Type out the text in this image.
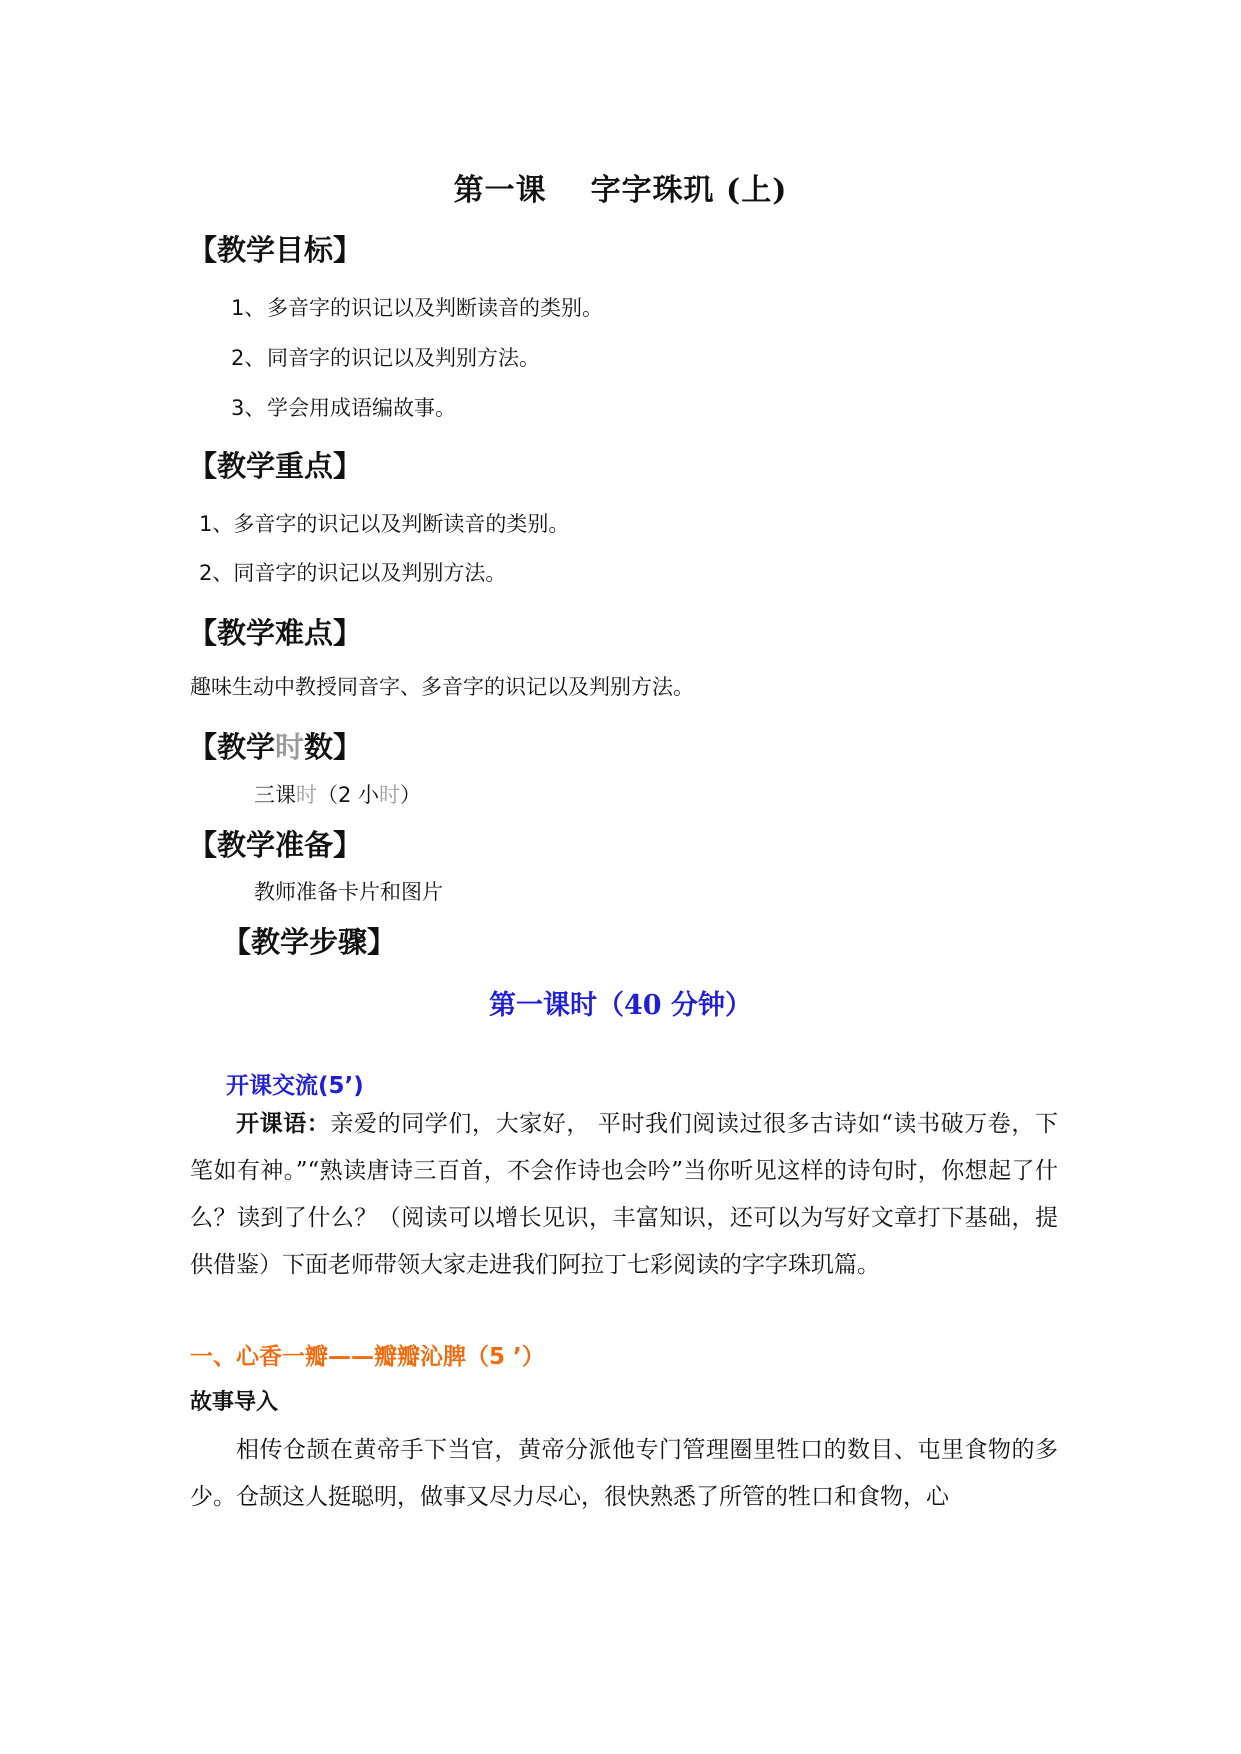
第一课 字字珠玑 (上)
【教学目标】
1、多音字的识记以及判断读音的类别。
2、同音字的识记以及判别方法。
3、学会用成语编故事。
【教学重点】
1、多音字的识记以及判断读音的类别。
2、同音字的识记以及判别方法。
【教学难点】
趣味生动中教授同音字、多音字的识记以及判别方法。
【教学时数】
三课时（2 小时）
【教学准备】
教师准备卡片和图片
【教学步骤】
第一课时（40 分钟）
开课交流(5’)
开课语：亲爱的同学们，大家好， 平时我们阅读过很多古诗如“读书破万卷，下笔如有神。”“熟读唐诗三百首，不会作诗也会吟”当你听见这样的诗句时，你想起了什么？读到了什么？（阅读可以增长见识，丰富知识，还可以为写好文章打下基础，提供借鉴）下面老师带领大家走进我们阿拉丁七彩阅读的字字珠玑篇。
一、心香一瓣——瓣瓣沁脾（5 ’）
故事导入
相传仓颉在黄帝手下当官，黄帝分派他专门管理圈里牲口的数目、屯里食物的多少。仓颉这人挺聪明，做事又尽力尽心，很快熟悉了所管的牲口和食物，心
